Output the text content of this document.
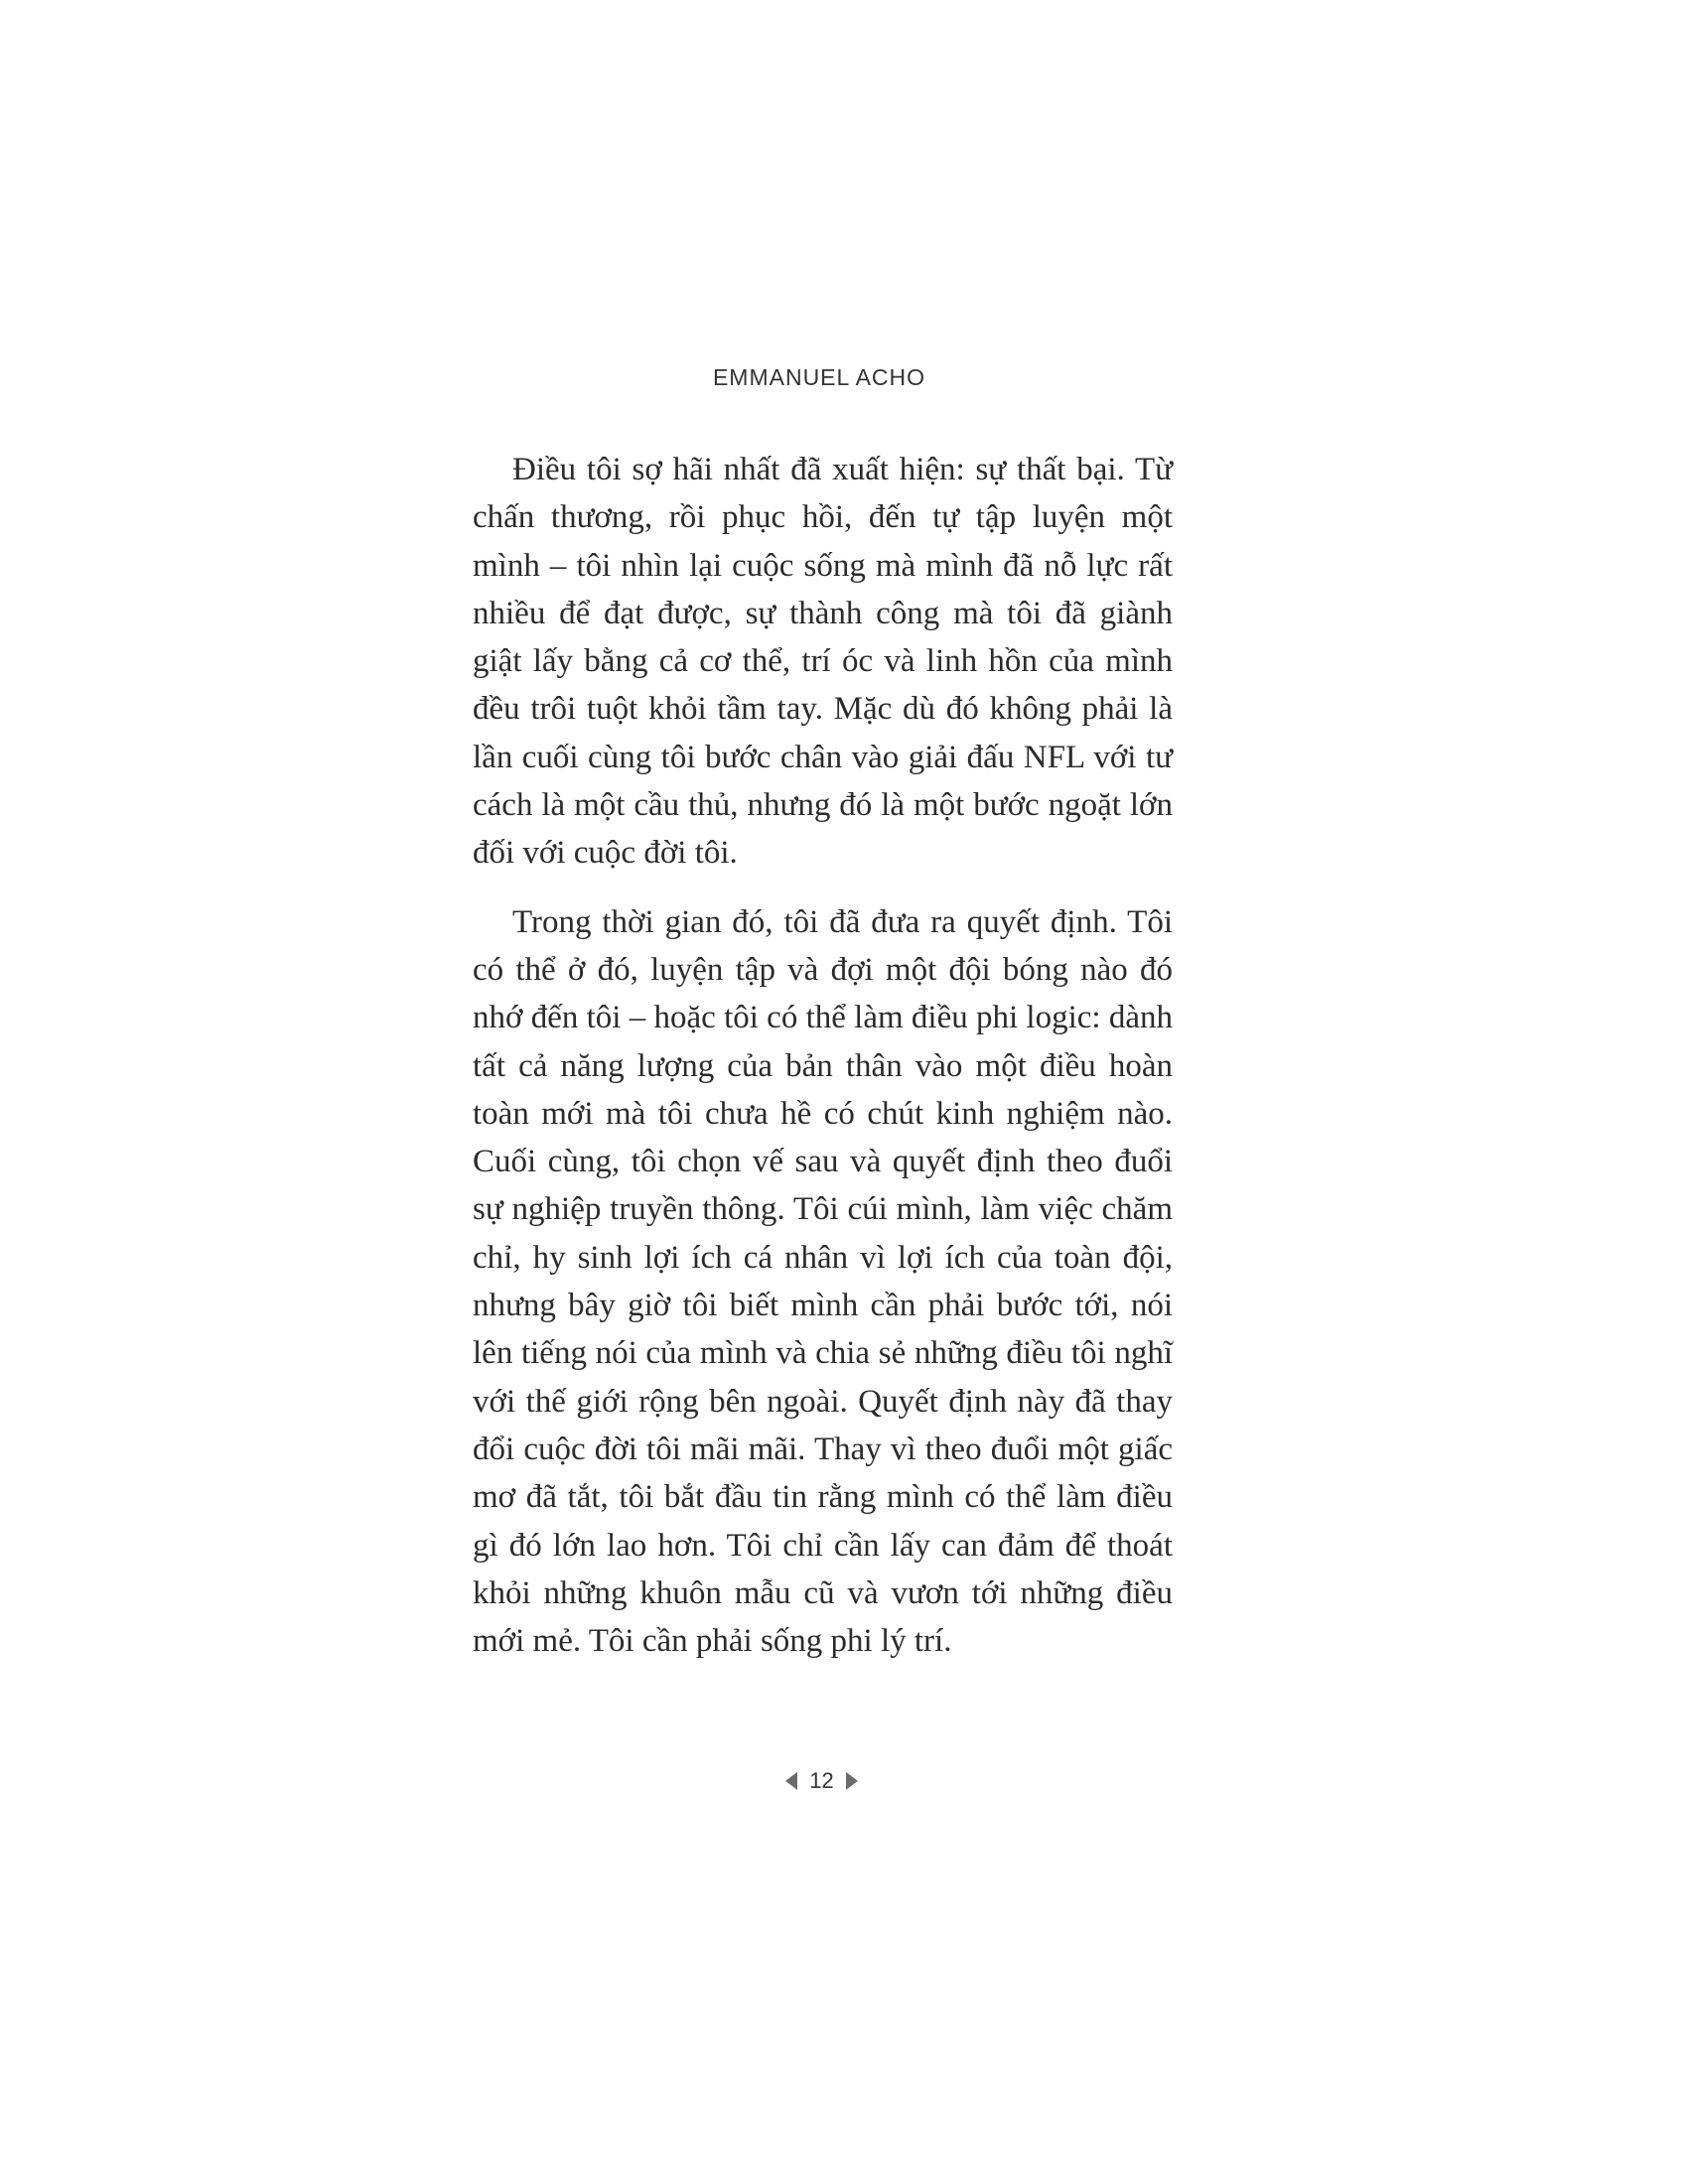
EMMANUEL ACHO

Điều tôi sợ hãi nhất đã xuất hiện: sự thất bại. Từ chấn thương, rồi phục hồi, đến tự tập luyện một mình – tôi nhìn lại cuộc sống mà mình đã nỗ lực rất nhiều để đạt được, sự thành công mà tôi đã giành giật lấy bằng cả cơ thể, trí óc và linh hồn của mình đều trôi tuột khỏi tầm tay. Mặc dù đó không phải là lần cuối cùng tôi bước chân vào giải đấu NFL với tư cách là một cầu thủ, nhưng đó là một bước ngoặt lớn đối với cuộc đời tôi.

Trong thời gian đó, tôi đã đưa ra quyết định. Tôi có thể ở đó, luyện tập và đợi một đội bóng nào đó nhớ đến tôi – hoặc tôi có thể làm điều phi logic: dành tất cả năng lượng của bản thân vào một điều hoàn toàn mới mà tôi chưa hề có chút kinh nghiệm nào. Cuối cùng, tôi chọn vế sau và quyết định theo đuổi sự nghiệp truyền thông. Tôi cúi mình, làm việc chăm chỉ, hy sinh lợi ích cá nhân vì lợi ích của toàn đội, nhưng bây giờ tôi biết mình cần phải bước tới, nói lên tiếng nói của mình và chia sẻ những điều tôi nghĩ với thế giới rộng bên ngoài. Quyết định này đã thay đổi cuộc đời tôi mãi mãi. Thay vì theo đuổi một giấc mơ đã tắt, tôi bắt đầu tin rằng mình có thể làm điều gì đó lớn lao hơn. Tôi chỉ cần lấy can đảm để thoát khỏi những khuôn mẫu cũ và vươn tới những điều mới mẻ. Tôi cần phải sống phi lý trí.

12
